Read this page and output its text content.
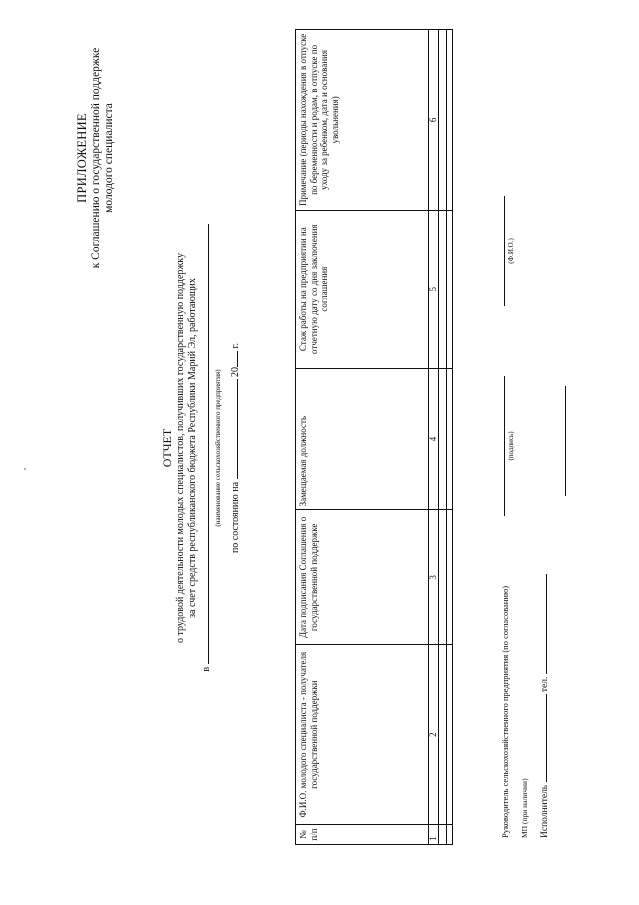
ПРИЛОЖЕНИЕ к Соглашению о государственной поддержке молодого специалиста
ОТЧЕТ о трудовой деятельности молодых специалистов, получивших государственную поддержку за счет средств республиканского бюджета Республики Марий Эл, работающих
в
(наименование сельскохозяйственного предприятия) по состоянию на  20 г.
№ п/п	Ф.И.О. молодого специалиста - получателя государственной поддержки	Дата подписания Соглашения о государственной поддержке	Замещаемая должность	Стаж работы на предприятии на отчетную дату со дня заключения соглашения	Примечание (периоды нахождения в отпуске по беременности и родам, в отпуске по уходу за ребенком, дата и основания увольнения)
1	2	3	4	5	6

Руководитель сельскохозяйственного предприятия (по согласованию)
(подпись)
(Ф.И.О.)
МП (при наличии)	Исполнитель  тел.
